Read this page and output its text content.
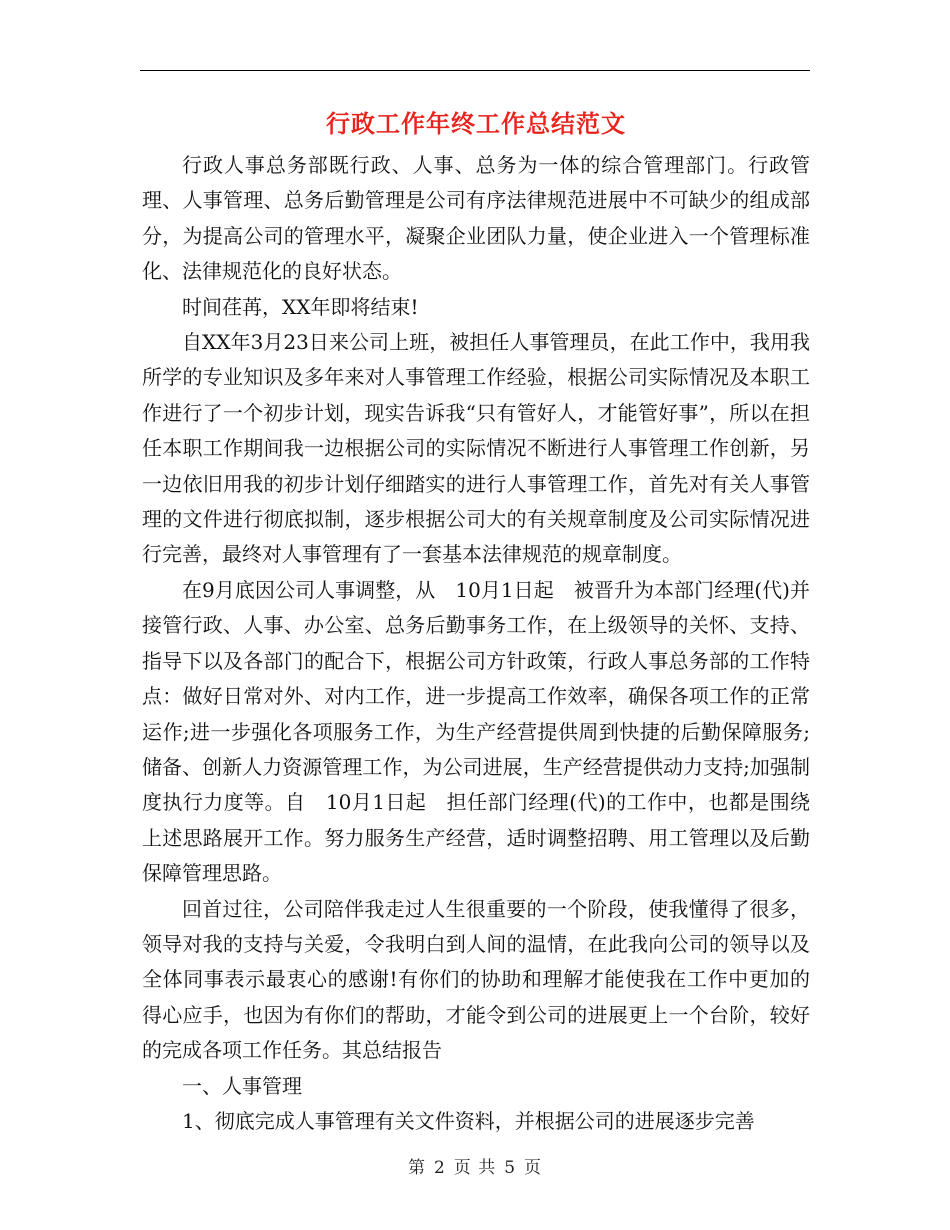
行政工作年终工作总结范文

行政人事总务部既行政、人事、总务为一体的综合管理部门。行政管理、人事管理、总务后勤管理是公司有序法律规范进展中不可缺少的组成部分，为提高公司的管理水平，凝聚企业团队力量，使企业进入一个管理标准化、法律规范化的良好状态。

时间荏苒，XX年即将结束!

自XX年3月23日来公司上班，被担任人事管理员，在此工作中，我用我所学的专业知识及多年来对人事管理工作经验，根据公司实际情况及本职工作进行了一个初步计划，现实告诉我“只有管好人，才能管好事”，所以在担任本职工作期间我一边根据公司的实际情况不断进行人事管理工作创新，另一边依旧用我的初步计划仔细踏实的进行人事管理工作，首先对有关人事管理的文件进行彻底拟制，逐步根据公司大的有关规章制度及公司实际情况进行完善，最终对人事管理有了一套基本法律规范的规章制度。

在9月底因公司人事调整，从　10月1日起　被晋升为本部门经理(代)并接管行政、人事、办公室、总务后勤事务工作，在上级领导的关怀、支持、指导下以及各部门的配合下，根据公司方针政策，行政人事总务部的工作特点：做好日常对外、对内工作，进一步提高工作效率，确保各项工作的正常运作;进一步强化各项服务工作，为生产经营提供周到快捷的后勤保障服务;储备、创新人力资源管理工作，为公司进展，生产经营提供动力支持;加强制度执行力度等。自　10月1日起　担任部门经理(代)的工作中，也都是围绕上述思路展开工作。努力服务生产经营，适时调整招聘、用工管理以及后勤保障管理思路。

回首过往，公司陪伴我走过人生很重要的一个阶段，使我懂得了很多，领导对我的支持与关爱，令我明白到人间的温情，在此我向公司的领导以及全体同事表示最衷心的感谢!有你们的协助和理解才能使我在工作中更加的得心应手，也因为有你们的帮助，才能令到公司的进展更上一个台阶，较好的完成各项工作任务。其总结报告

一、人事管理

1、彻底完成人事管理有关文件资料，并根据公司的进展逐步完善

第 2 页 共 5 页
